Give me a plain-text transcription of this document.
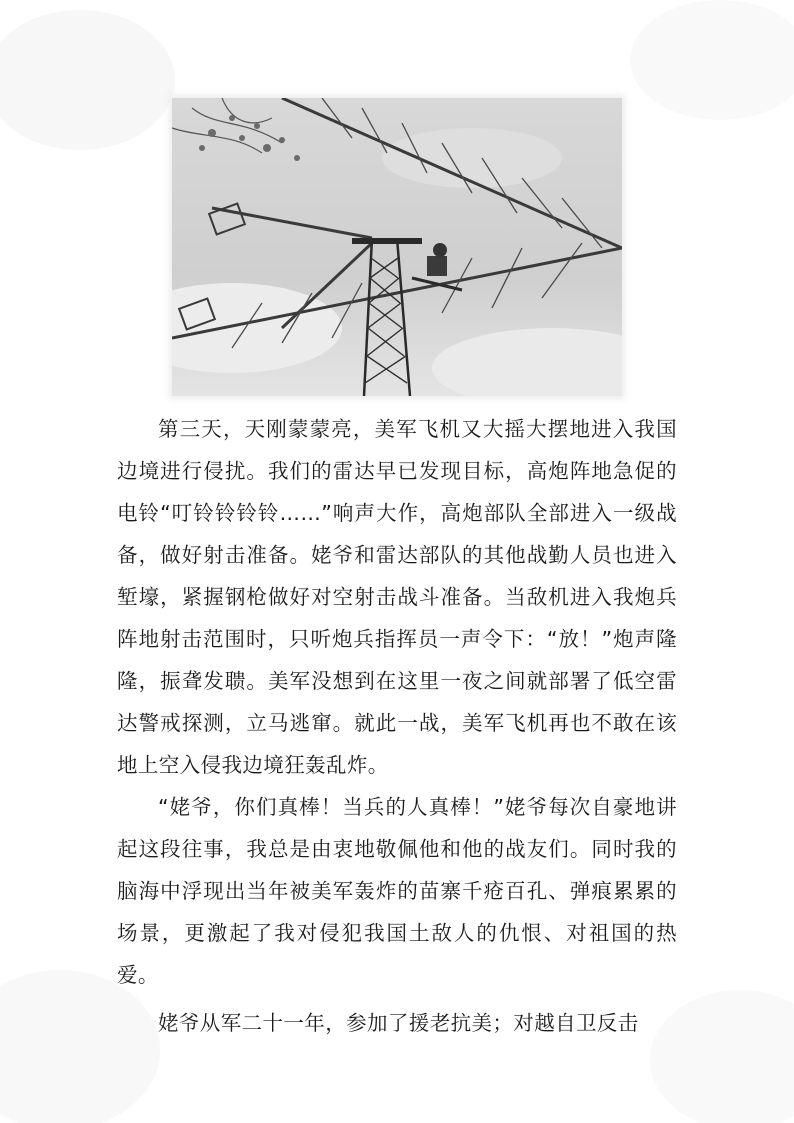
第三天，天刚蒙蒙亮，美军飞机又大摇大摆地进入我国边境进行侵扰。我们的雷达早已发现目标，高炮阵地急促的电铃“叮铃铃铃铃……”响声大作，高炮部队全部进入一级战备，做好射击准备。姥爷和雷达部队的其他战勤人员也进入堑壕，紧握钢枪做好对空射击战斗准备。当敌机进入我炮兵阵地射击范围时，只听炮兵指挥员一声令下：“放！”炮声隆隆，振聋发聩。美军没想到在这里一夜之间就部署了低空雷达警戒探测，立马逃窜。就此一战，美军飞机再也不敢在该地上空入侵我边境狂轰乱炸。

“姥爷，你们真棒！当兵的人真棒！”姥爷每次自豪地讲起这段往事，我总是由衷地敬佩他和他的战友们。同时我的脑海中浮现出当年被美军轰炸的苗寨千疮百孔、弹痕累累的场景，更激起了我对侵犯我国土敌人的仇恨、对祖国的热爱。

姥爷从军二十一年，参加了援老抗美；对越自卫反击
